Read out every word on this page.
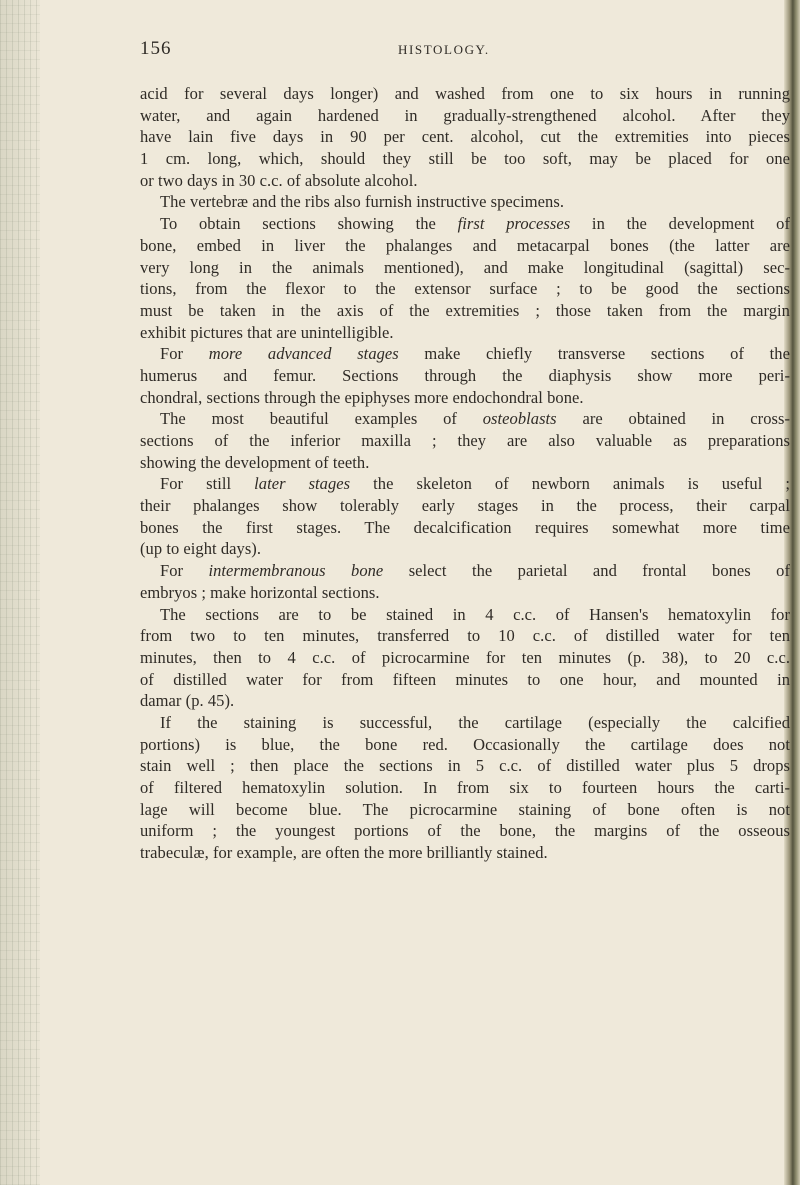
156	HISTOLOGY.
acid for several days longer) and washed from one to six hours in running
water, and again hardened in gradually-strengthened alcohol. After they
have lain five days in 90 per cent. alcohol, cut the extremities into pieces
1 cm. long, which, should they still be too soft, may be placed for one
or two days in 30 c.c. of absolute alcohol.
The vertebræ and the ribs also furnish instructive specimens.
To obtain sections showing the first processes in the development of
bone, embed in liver the phalanges and metacarpal bones (the latter are
very long in the animals mentioned), and make longitudinal (sagittal) sec-
tions, from the flexor to the extensor surface ; to be good the sections
must be taken in the axis of the extremities ; those taken from the margin
exhibit pictures that are unintelligible.
For more advanced stages make chiefly transverse sections of the
humerus and femur. Sections through the diaphysis show more peri-
chondral, sections through the epiphyses more endochondral bone.
The most beautiful examples of osteoblasts are obtained in cross-
sections of the inferior maxilla ; they are also valuable as preparations
showing the development of teeth.
For still later stages the skeleton of newborn animals is useful ;
their phalanges show tolerably early stages in the process, their carpal
bones the first stages. The decalcification requires somewhat more time
(up to eight days).
For intermembranous bone select the parietal and frontal bones of
embryos ; make horizontal sections.
The sections are to be stained in 4 c.c. of Hansen's hematoxylin for
from two to ten minutes, transferred to 10 c.c. of distilled water for ten
minutes, then to 4 c.c. of picrocarmine for ten minutes (p. 38), to 20 c.c.
of distilled water for from fifteen minutes to one hour, and mounted in
damar (p. 45).
If the staining is successful, the cartilage (especially the calcified
portions) is blue, the bone red. Occasionally the cartilage does not
stain well ; then place the sections in 5 c.c. of distilled water plus 5 drops
of filtered hematoxylin solution. In from six to fourteen hours the carti-
lage will become blue. The picrocarmine staining of bone often is not
uniform ; the youngest portions of the bone, the margins of the osseous
trabeculæ, for example, are often the more brilliantly stained.
